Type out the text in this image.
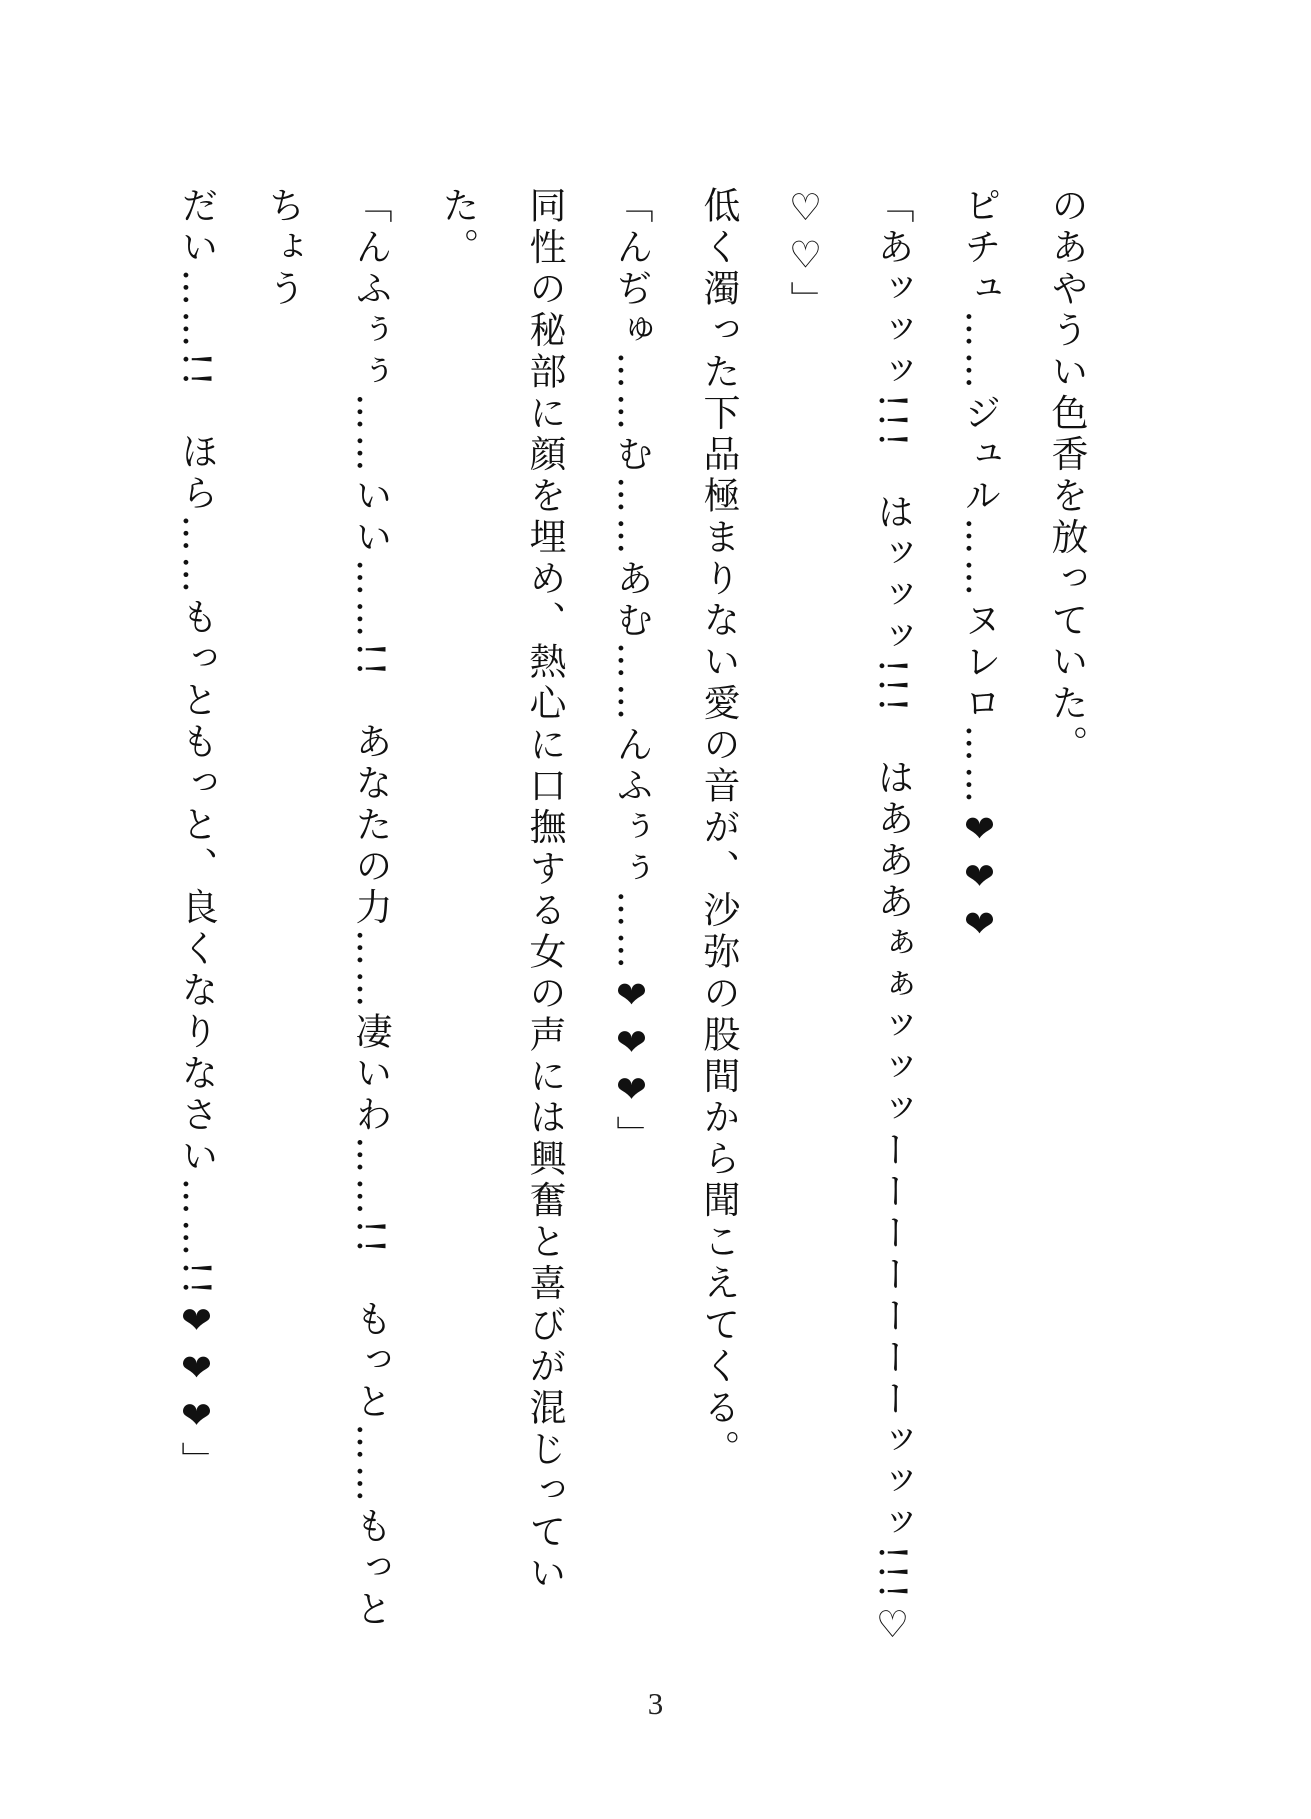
のあやうい色香を放っていた。

ピチュ……ジュル……ヌレロ……❤❤❤

「あッッッ!!!　はッッッ!!!　はあああぁぁッッッーーーーーーーッッッ!!!♡♡♡」

低く濁った下品極まりない愛の音が、沙弥の股間から聞こえてくる。

「んぢゅ……む……あむ……んふぅぅ……❤❤❤」

同性の秘部に顔を埋め、熱心に口撫する女の声には興奮と喜びが混じっていた。

「んふぅぅ……いい……!!　あなたの力……凄いわ……!!　もっと……もっとちょう

だい……!!　ほら……もっともっと、良くなりなさい……!!❤❤❤」

3
